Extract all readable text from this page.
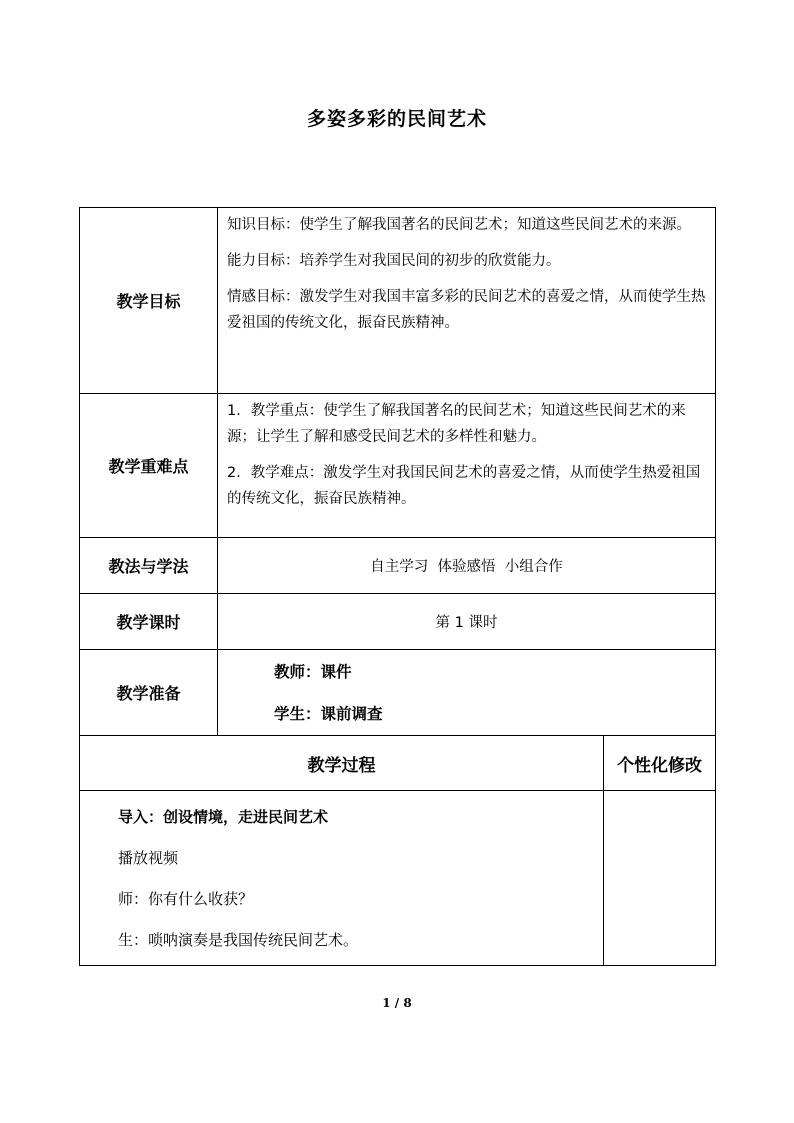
多姿多彩的民间艺术
教学目标	知识目标：使学生了解我国著名的民间艺术；知道这些民间艺术的来源。

能力目标：培养学生对我国民间的初步的欣赏能力。

情感目标：激发学生对我国丰富多彩的民间艺术的喜爱之情，从而使学生热爱祖国的传统文化，振奋民族精神。	

教学重难点	1．教学重点：使学生了解我国著名的民间艺术；知道这些民间艺术的来源；让学生了解和感受民间艺术的多样性和魅力。

2．教学难点：激发学生对我国民间艺术的喜爱之情，从而使学生热爱祖国的传统文化，振奋民族精神。	

教法与学法	自主学习  体验感悟  小组合作	
教学课时	第 1 课时	
教学准备	教师：课件
学生：课前调查	

教学过程		个性化修改

导入：创设情境，走进民间艺术
播放视频
师：你有什么收获？
生：唢呐演奏是我国传统民间艺术。		

1 / 8
